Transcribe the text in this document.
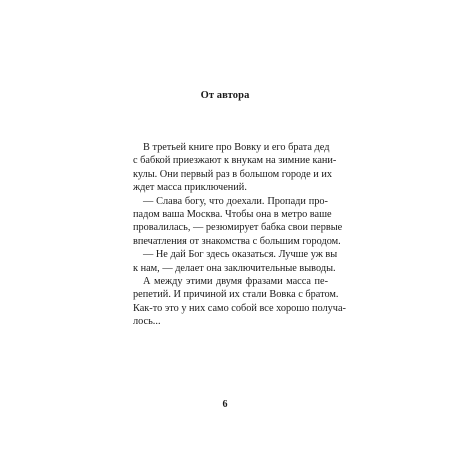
От автора
В третьей книге про Вовку и его брата дед
с бабкой приезжают к внукам на зимние кани-
кулы. Они первый раз в большом городе и их
ждет масса приключений.
— Слава богу, что доехали. Пропади про-
падом ваша Москва. Чтобы она в метро ваше
провалилась, — резюмирует бабка свои первые
впечатления от знакомства с большим городом.
— Не дай Бог здесь оказаться. Лучше уж вы
к нам, — делает она заключительные выводы.
А между этими двумя фразами масса пе-
репетий. И причиной их стали Вовка с братом.
Как-то это у них само собой все хорошо получа-
лось...
6
